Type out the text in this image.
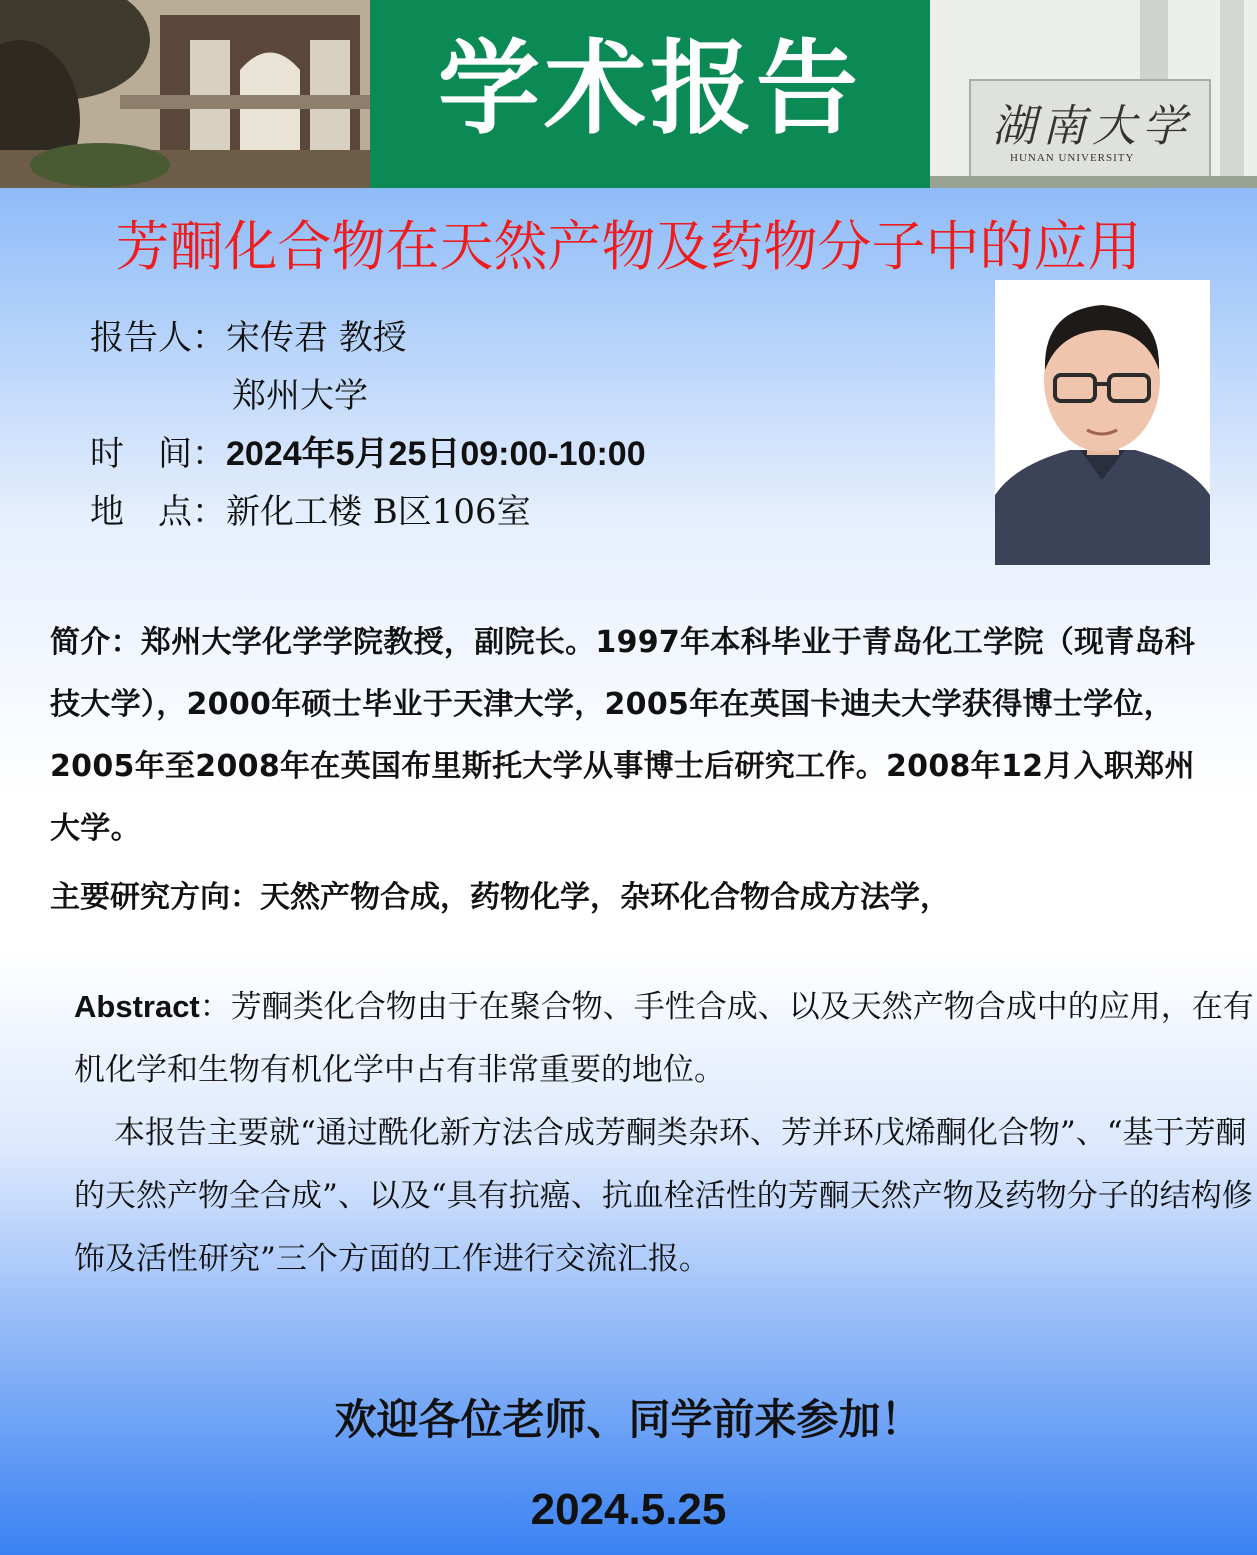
学术报告	湖南大学
HUNAN UNIVERSITY
芳酮化合物在天然产物及药物分子中的应用
报告人：宋传君 教授
郑州大学
时　间：2024年5月25日09:00-10:00
地　点：新化工楼 B区106室
简介：郑州大学化学学院教授，副院长。1997年本科毕业于青岛化工学院（现青岛科技大学），2000年硕士毕业于天津大学，2005年在英国卡迪夫大学获得博士学位，2005年至2008年在英国布里斯托大学从事博士后研究工作。2008年12月入职郑州大学。
主要研究方向：天然产物合成，药物化学，杂环化合物合成方法学，
Abstract：芳酮类化合物由于在聚合物、手性合成、以及天然产物合成中的应用，在有机化学和生物有机化学中占有非常重要的地位。
本报告主要就“通过酰化新方法合成芳酮类杂环、芳并环戊烯酮化合物”、“基于芳酮的天然产物全合成”、以及“具有抗癌、抗血栓活性的芳酮天然产物及药物分子的结构修饰及活性研究”三个方面的工作进行交流汇报。
欢迎各位老师、同学前来参加！
2024.5.25
